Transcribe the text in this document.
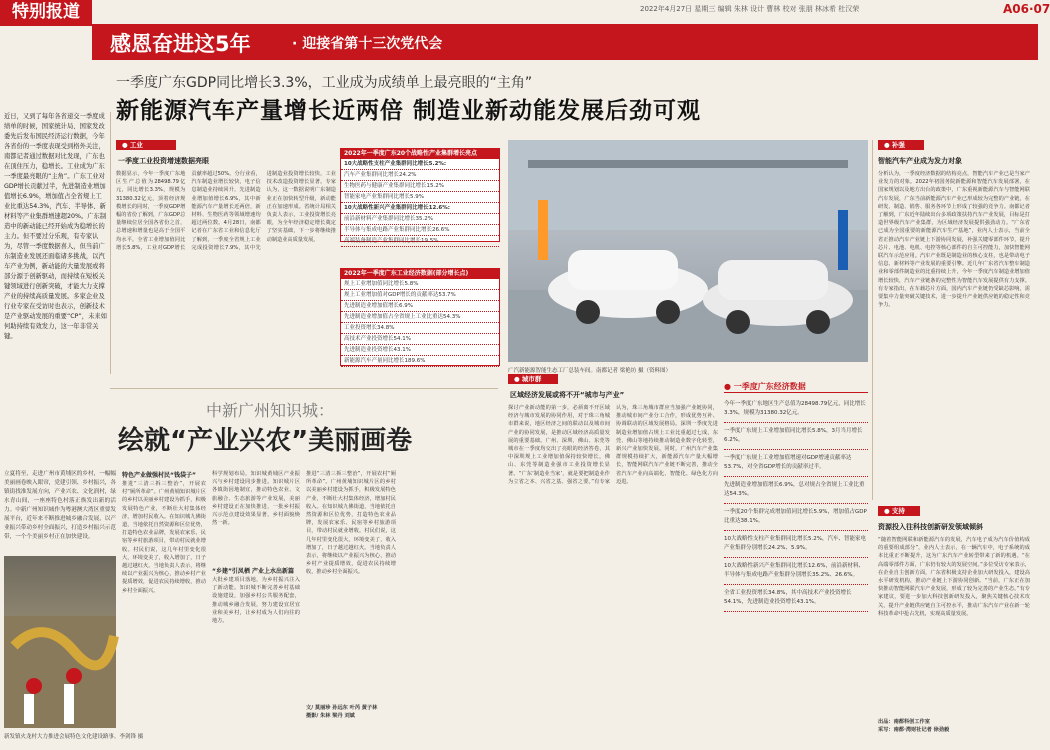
特别报道	2022年4月27日 星期三 编辑 朱林 设计 曹林 校对 张朋 林冰希 杜汉荣	A06·07
感恩奋进这5年	· 迎接省第十三次党代会
一季度广东GDP同比增长3.3%，工业成为成绩单上最亮眼的“主角”
新能源汽车产量增长近两倍 制造业新动能发展后劲可观
近日，又到了每年各省递交一季度成绩单的时候，国家统计局、国家发改委先后发布国民经济运行数据，今年各省份的一季度表现受到格外关注，南都记者通过数据对比发现，广东也在顶住压力，稳增长。工业成为广东一季度最亮眼的“主角”。广东工业对GDP增长贡献过半，先进制造业增加值增长6.9%，增加值占全省规上工业比重达54.3%，汽车、半导体、新材料等产业集群增速超20%。广东制造中的新动能已经开始成为稳增长的主力。但不要过分乐观，有专家认为，尽管一季度数据喜人，但当前广东制造业发展还面临诸多挑战，以汽车产业为例，新动能的大量发展或将部分源于创新驱动，而持续在短板关键领域进行创新突破，才能大力支撑产业的持续高质量发展。多家企业及行业专家在受访时也表示，创新技术是产业驱动发展的重要“CP”，未来如何助持续有效发力，这一年非常关键。
● 工业
一季度工业投资增速数据亮眼
数据显示，今年一季度广东地区生产总值为28498.79亿元，同比增长3.3%，规模为31380.32亿元，顶着经济规模增长的同时，一季度GDP增幅的省份了解到，广东GDP总量继续位居全国各省份之首，总增速和增量也是高于全国平均水平。全省工业增加值同比增长5.8%，工业对GDP增长贡献率超过50%。分行业看，汽车制造业增长较快，电子信息制造业持续回升，先进制造业增加值增长6.9%，其中新能源汽车产量增长近两倍，新材料、生物医药等领域增速均超过两位数。4月28日，南都记者在广东省工业和信息化厅了解到，一季度全省规上工业完成投资增长7.9%，其中先进制造业投资增长较快，工业技术改造投资增长显著。专家认为，这一数据说明广东制造业正在加快转型升级，新动能正在加速形成。省统计局相关负责人表示，工业投资增长亮眼，为全年经济稳定增长奠定了坚实基础，下一步将继续推动制造业高质量发展。
2022年一季度广东20个战略性产业集群增长亮点
10大战略性支柱产业集群同比增长5.2%:
汽车产业集群同比增长24.2%
生物医药与健康产业集群同比增长15.2%
智能家电产业集群同比增长5.9%
10大战略性新兴产业集群同比增长12.6%:
前沿新材料产业集群同比增长35.2%
半导体与集成电路产业集群同比增长26.6%
高端装备制造产业集群同比增长19.5%
2022年一季度广东工业经济数据(部分增长点)
规上工业增加值同比增长5.8%
规上工业增加值对GDP增长的贡献率达53.7%
先进制造业增加值增长6.9%
先进制造业增加值占全省规上工业比重达54.3%
工业投资增长34.8%
高技术产业投资增长54.1%
先进制造业投资增长43.1%
新能源汽车产量同比增长189.6%
广汽新能源智能生态工厂总装车间。南都记者 梁艳坊 摄（资料图）
● 补强
智能汽车产业成为发力对象
分析认为，一季度经济数据的结构亮点，智能汽车产业已是当家产业发力的对象。2022年初国务院新能源和智能汽车发展部署，在国家规划以及地方出台的政策中，广东重视新能源汽车与智能网联汽车发展，广东当前新能源汽车产业已形成较为完整的产业链，在研发、制造、销售、服务各环节上形成了较强的竞争力。南都记者了解到，广东近年陆续出台多项政策扶持汽车产业发展，目标是打造世界级汽车产业集群，为区域经济发展提供强劲动力。“广东省已成为全国重要的新能源汽车生产基地”，业内人士表示，当前全省正推动汽车产业链上下游协同发展，补强关键零部件环节，提升芯片、电池、电机、电控等核心部件的自主可控能力，加快智能网联汽车示范应用。汽车产业既是制造业的核心支柱，也是带动电子信息、新材料等产业发展的重要引擎。近几年广东省汽车整车制造业和零部件制造业的比重持续上升，今年一季度汽车制造业增加值增长较快，汽车产业链条的完整性为智能汽车发展提供有力支撑。有专家指出，在车载芯片方面，国内汽车产业链仍受缺芯影响，需要集中力量突破关键技术，进一步提升产业链供应链的稳定性和竞争力。
中新广州知识城：
绘就“产业兴农”美丽画卷
立夏将至，走进广州市黄埔区的乡村，一幅幅美丽画卷映入眼帘，党建引领、乡村振兴，各镇街找准发展方向，产业兴农、文化润村，绿水青山间，一座座特色村落正焕发出新的活力。中新广州知识城作为粤港澳大湾区重要发展平台，近年来不断推进城乡融合发展，以产业振兴带动乡村全面振兴，打造乡村振兴示范带，一个个美丽乡村正在加快建设。
新发镇火龙村大力推进会展特色文化建设路事。李剑锋 摄
特色产业做强村民“钱袋子”
推进“三清三拆三整治”，开展农村“厕所革命”。广州黄埔知识城片区的乡村以美丽乡村建设为抓手，积极发展特色产业，不断壮大村集体经济，增加村民收入。在知识城九佛街道，当地依托自然资源和区位优势，打造特色农业品牌，发展农家乐、民宿等乡村旅游项目，带动村民就业增收。村民们说，这几年村里变化很大，环境变美了，收入增加了，日子越过越红火。当地负责人表示，将继续以产业振兴为核心，推动乡村产业提质增效，促进农民持续增收，推动乡村全面振兴。
科学规划布局，知识城黄埔区产业振兴与乡村建设同步推进。知识城片区各镇街因地制宜，推动特色农业、文旅融合、生态旅游等产业发展，美丽乡村建设正在加快推进，一批乡村振兴示范点建设效果显著，乡村面貌焕然一新。
“乡建”引凤栖 产业上水出新篇
大批乡建项目落地，为乡村振兴注入了新动能。知识城不断完善乡村基础设施建设，加强乡村公共服务配套，推动城乡融合发展，努力建设宜居宜业和美乡村，让乡村成为人们向往的地方。
推进“三清三拆三整治”，开展农村“厕所革命”。广州黄埔知识城片区的乡村以美丽乡村建设为抓手，积极发展特色产业，不断壮大村集体经济，增加村民收入。在知识城九佛街道，当地依托自然资源和区位优势，打造特色农业品牌，发展农家乐、民宿等乡村旅游项目，带动村民就业增收。村民们说，这几年村里变化很大，环境变美了，收入增加了，日子越过越红火。当地负责人表示，将继续以产业振兴为核心，推动乡村产业提质增效，促进农民持续增收，推动乡村全面振兴。
文/ 莫丽珍 孙远东 叶芮 黄子林
摄影/ 朱林 梁丹 刘斌
● 城市群
区域经济发展或将不开“城市与产业”
探讨产业新动能的第一步，必须离不开区域经济与城市发展的协同作用，对于珠三角城市群来说，地区经济之间的联动以及城市间产业的协同发展，是推动区域经济高质量发展的重要基础。广州、深圳、佛山、东莞等城市在一季度均交出了亮眼的经济答卷，其中深圳规上工业增加值保持较快增长，佛山、东莞等制造业强市工业投资增长显著。“广东‘制造业当家’，就是要把制造业作为立省之本、兴省之基、强省之要。”有专家认为，珠三角城市群应当加强产业链协同，推动城市间产业分工合作，形成优势互补、协调联动的区域发展格局。深圳一季度先进制造业增加值占规上工业比重超过七成，东莞、佛山等地持续推动制造业数字化转型，新兴产业加快发展。同时，广州汽车产业集群规模持续扩大，新能源汽车产量大幅增长，智能网联汽车产业链不断完善，推动全省汽车产业向高端化、智能化、绿色化方向迈进。
● 一季度广东经济数据
今年一季度广东地区生产总值为28498.79亿元，同比增长3.3%，规模为31380.32亿元。
一季度广东规上工业增加值同比增长5.8%，3月当月增长6.2%。
一季度广东规上工业增加值增速对GDP增速贡献率达53.7%，对全省GDP增长的贡献率过半。
先进制造业增加值增长6.9%，总对规占全省规上工业比重达54.3%。
一季度20个集群完成增加值同比增长5.9%，增加值占GDP比重达38.1%。
10大战略性支柱产业集群同比增长5.2%，汽车、智能家电产业集群分别增长24.2%、5.9%。
10大战略性新兴产业集群同比增长12.6%，前沿新材料、半导体与集成电路产业集群分别增长35.2%、26.6%。
全省工业投资增长34.8%，其中高技术产业投资增长54.1%，先进制造业投资增长43.1%。
● 支持
资源投入往科技创新研发领域倾斜
“随着智能网联和新能源汽车的发展，汽车电子成为汽车价值构成的重要组成部分”，业内人士表示，在一辆汽车中，电子系统的成本比重正不断提升，这为广东汽车产业转型带来了新的机遇。“在高端零部件方面，广东仍有较大的发展空间。”多位受访专家表示，在企业自主创新方面，广东省积极支持企业加大研发投入，建设高水平研发机构，推动产业链上下游协同创新。“当前，广东正在加快推动智能网联汽车产业发展，形成了较为完善的产业生态。”有专家建议，要进一步加大科技创新研发投入，聚焦关键核心技术攻关，提升产业链供应链自主可控水平，推动广东汽车产业在新一轮科技革命中抢占先机，实现高质量发展。
出品：南都科创工作室
采写：南都·湾财社记者 徐劲毅
